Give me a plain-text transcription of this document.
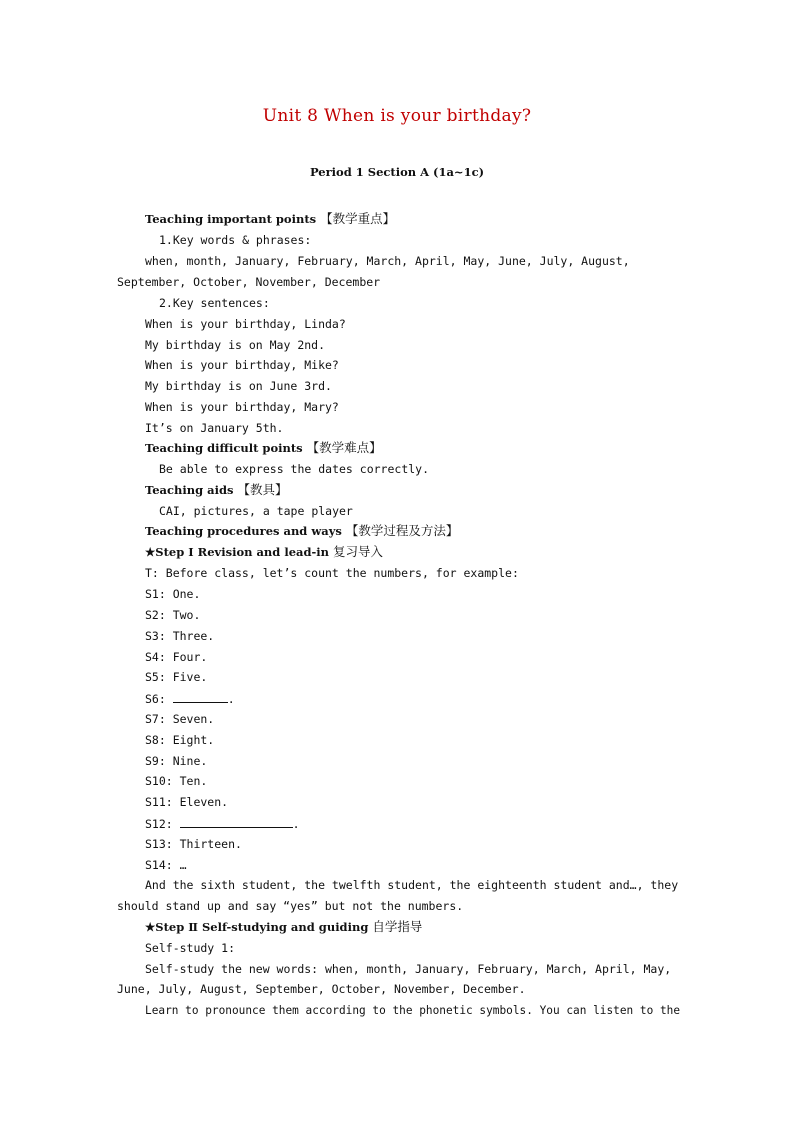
Unit 8 When is your birthday?
Period 1 Section A (1a~1c)
Teaching important points 【教学重点】
1.Key words & phrases:
when, month, January, February, March, April, May, June, July, August,
September, October, November, December
2.Key sentences:
When is your birthday, Linda?
My birthday is on May 2nd.
When is your birthday, Mike?
My birthday is on June 3rd.
When is your birthday, Mary?
It’s on January 5th.
Teaching difficult points 【教学难点】
Be able to express the dates correctly.
Teaching aids 【教具】
CAI, pictures, a tape player
Teaching procedures and ways 【教学过程及方法】
★Step Ⅰ Revision and lead-in 复习导入
T: Before class, let’s count the numbers, for example:
S1: One.
S2: Two.
S3: Three.
S4: Four.
S5: Five.
S6:	.
S7: Seven.
S8: Eight.
S9: Nine.
S10: Ten.
S11: Eleven.
S12:	.
S13: Thirteen.
S14: …
And the sixth student, the twelfth student, the eighteenth student and…, they
should stand up and say “yes” but not the numbers.
★Step Ⅱ Self-studying and guiding 自学指导
Self-study 1:
Self-study the new words: when, month, January, February, March, April, May,
June, July, August, September, October, November, December.
Learn to pronounce them according to the phonetic symbols. You can listen to the
